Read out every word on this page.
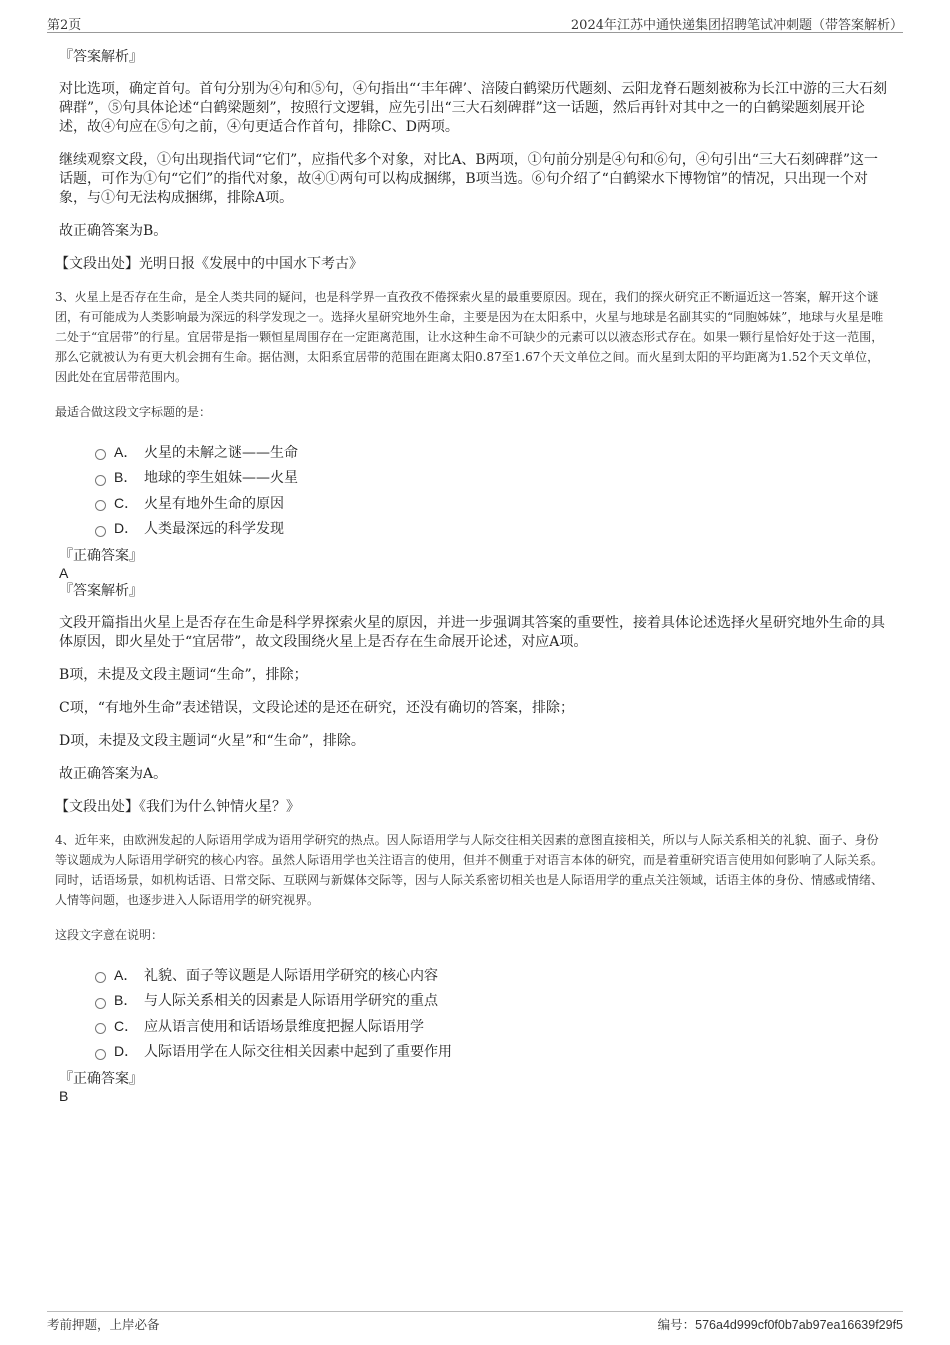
第2页	2024年江苏中通快递集团招聘笔试冲刺题（带答案解析）

『答案解析』

对比选项，确定首句。首句分别为④句和⑤句，④句指出“‘丰年碑’、涪陵白鹤梁历代题刻、云阳龙脊石题刻被称为长江中游的三大石刻碑群”，⑤句具体论述“白鹤梁题刻”，按照行文逻辑，应先引出“三大石刻碑群”这一话题，然后再针对其中之一的白鹤梁题刻展开论述，故④句应在⑤句之前，④句更适合作首句，排除C、D两项。

继续观察文段，①句出现指代词“它们”，应指代多个对象，对比A、B两项，①句前分别是④句和⑥句，④句引出“三大石刻碑群”这一话题，可作为①句“它们”的指代对象，故④①两句可以构成捆绑，B项当选。⑥句介绍了“白鹤梁水下博物馆”的情况，只出现一个对象，与①句无法构成捆绑，排除A项。

故正确答案为B。

【文段出处】光明日报《发展中的中国水下考古》

3、火星上是否存在生命，是全人类共同的疑问，也是科学界一直孜孜不倦探索火星的最重要原因。现在，我们的探火研究正不断逼近这一答案，解开这个谜团，有可能成为人类影响最为深远的科学发现之一。选择火星研究地外生命，主要是因为在太阳系中，火星与地球是名副其实的“同胞姊妹”，地球与火星是唯二处于“宜居带”的行星。宜居带是指一颗恒星周围存在一定距离范围，让水这种生命不可缺少的元素可以以液态形式存在。如果一颗行星恰好处于这一范围，那么它就被认为有更大机会拥有生命。据估测，太阳系宜居带的范围在距离太阳0.87至1.67个天文单位之间。而火星到太阳的平均距离为1.52个天文单位，因此处在宜居带范围内。

最适合做这段文字标题的是：

A． 火星的未解之谜——生命
B． 地球的孪生姐妹——火星
C． 火星有地外生命的原因
D． 人类最深远的科学发现

『正确答案』

A

『答案解析』

文段开篇指出火星上是否存在生命是科学界探索火星的原因，并进一步强调其答案的重要性，接着具体论述选择火星研究地外生命的具体原因，即火星处于“宜居带”，故文段围绕火星上是否存在生命展开论述，对应A项。

B项，未提及文段主题词“生命”，排除；

C项，“有地外生命”表述错误，文段论述的是还在研究，还没有确切的答案，排除；

D项，未提及文段主题词“火星”和“生命”，排除。

故正确答案为A。

【文段出处】《我们为什么钟情火星？》

4、近年来，由欧洲发起的人际语用学成为语用学研究的热点。因人际语用学与人际交往相关因素的意图直接相关，所以与人际关系相关的礼貌、面子、身份等议题成为人际语用学研究的核心内容。虽然人际语用学也关注语言的使用，但并不侧重于对语言本体的研究，而是着重研究语言使用如何影响了人际关系。同时，话语场景，如机构话语、日常交际、互联网与新媒体交际等，因与人际关系密切相关也是人际语用学的重点关注领域，话语主体的身份、情感或情绪、人情等问题，也逐步进入人际语用学的研究视界。

这段文字意在说明：

A． 礼貌、面子等议题是人际语用学研究的核心内容
B． 与人际关系相关的因素是人际语用学研究的重点
C． 应从语言使用和话语场景维度把握人际语用学
D． 人际语用学在人际交往相关因素中起到了重要作用

『正确答案』

B

考前押题，上岸必备	编号：576a4d999cf0f0b7ab97ea16639f29f5
